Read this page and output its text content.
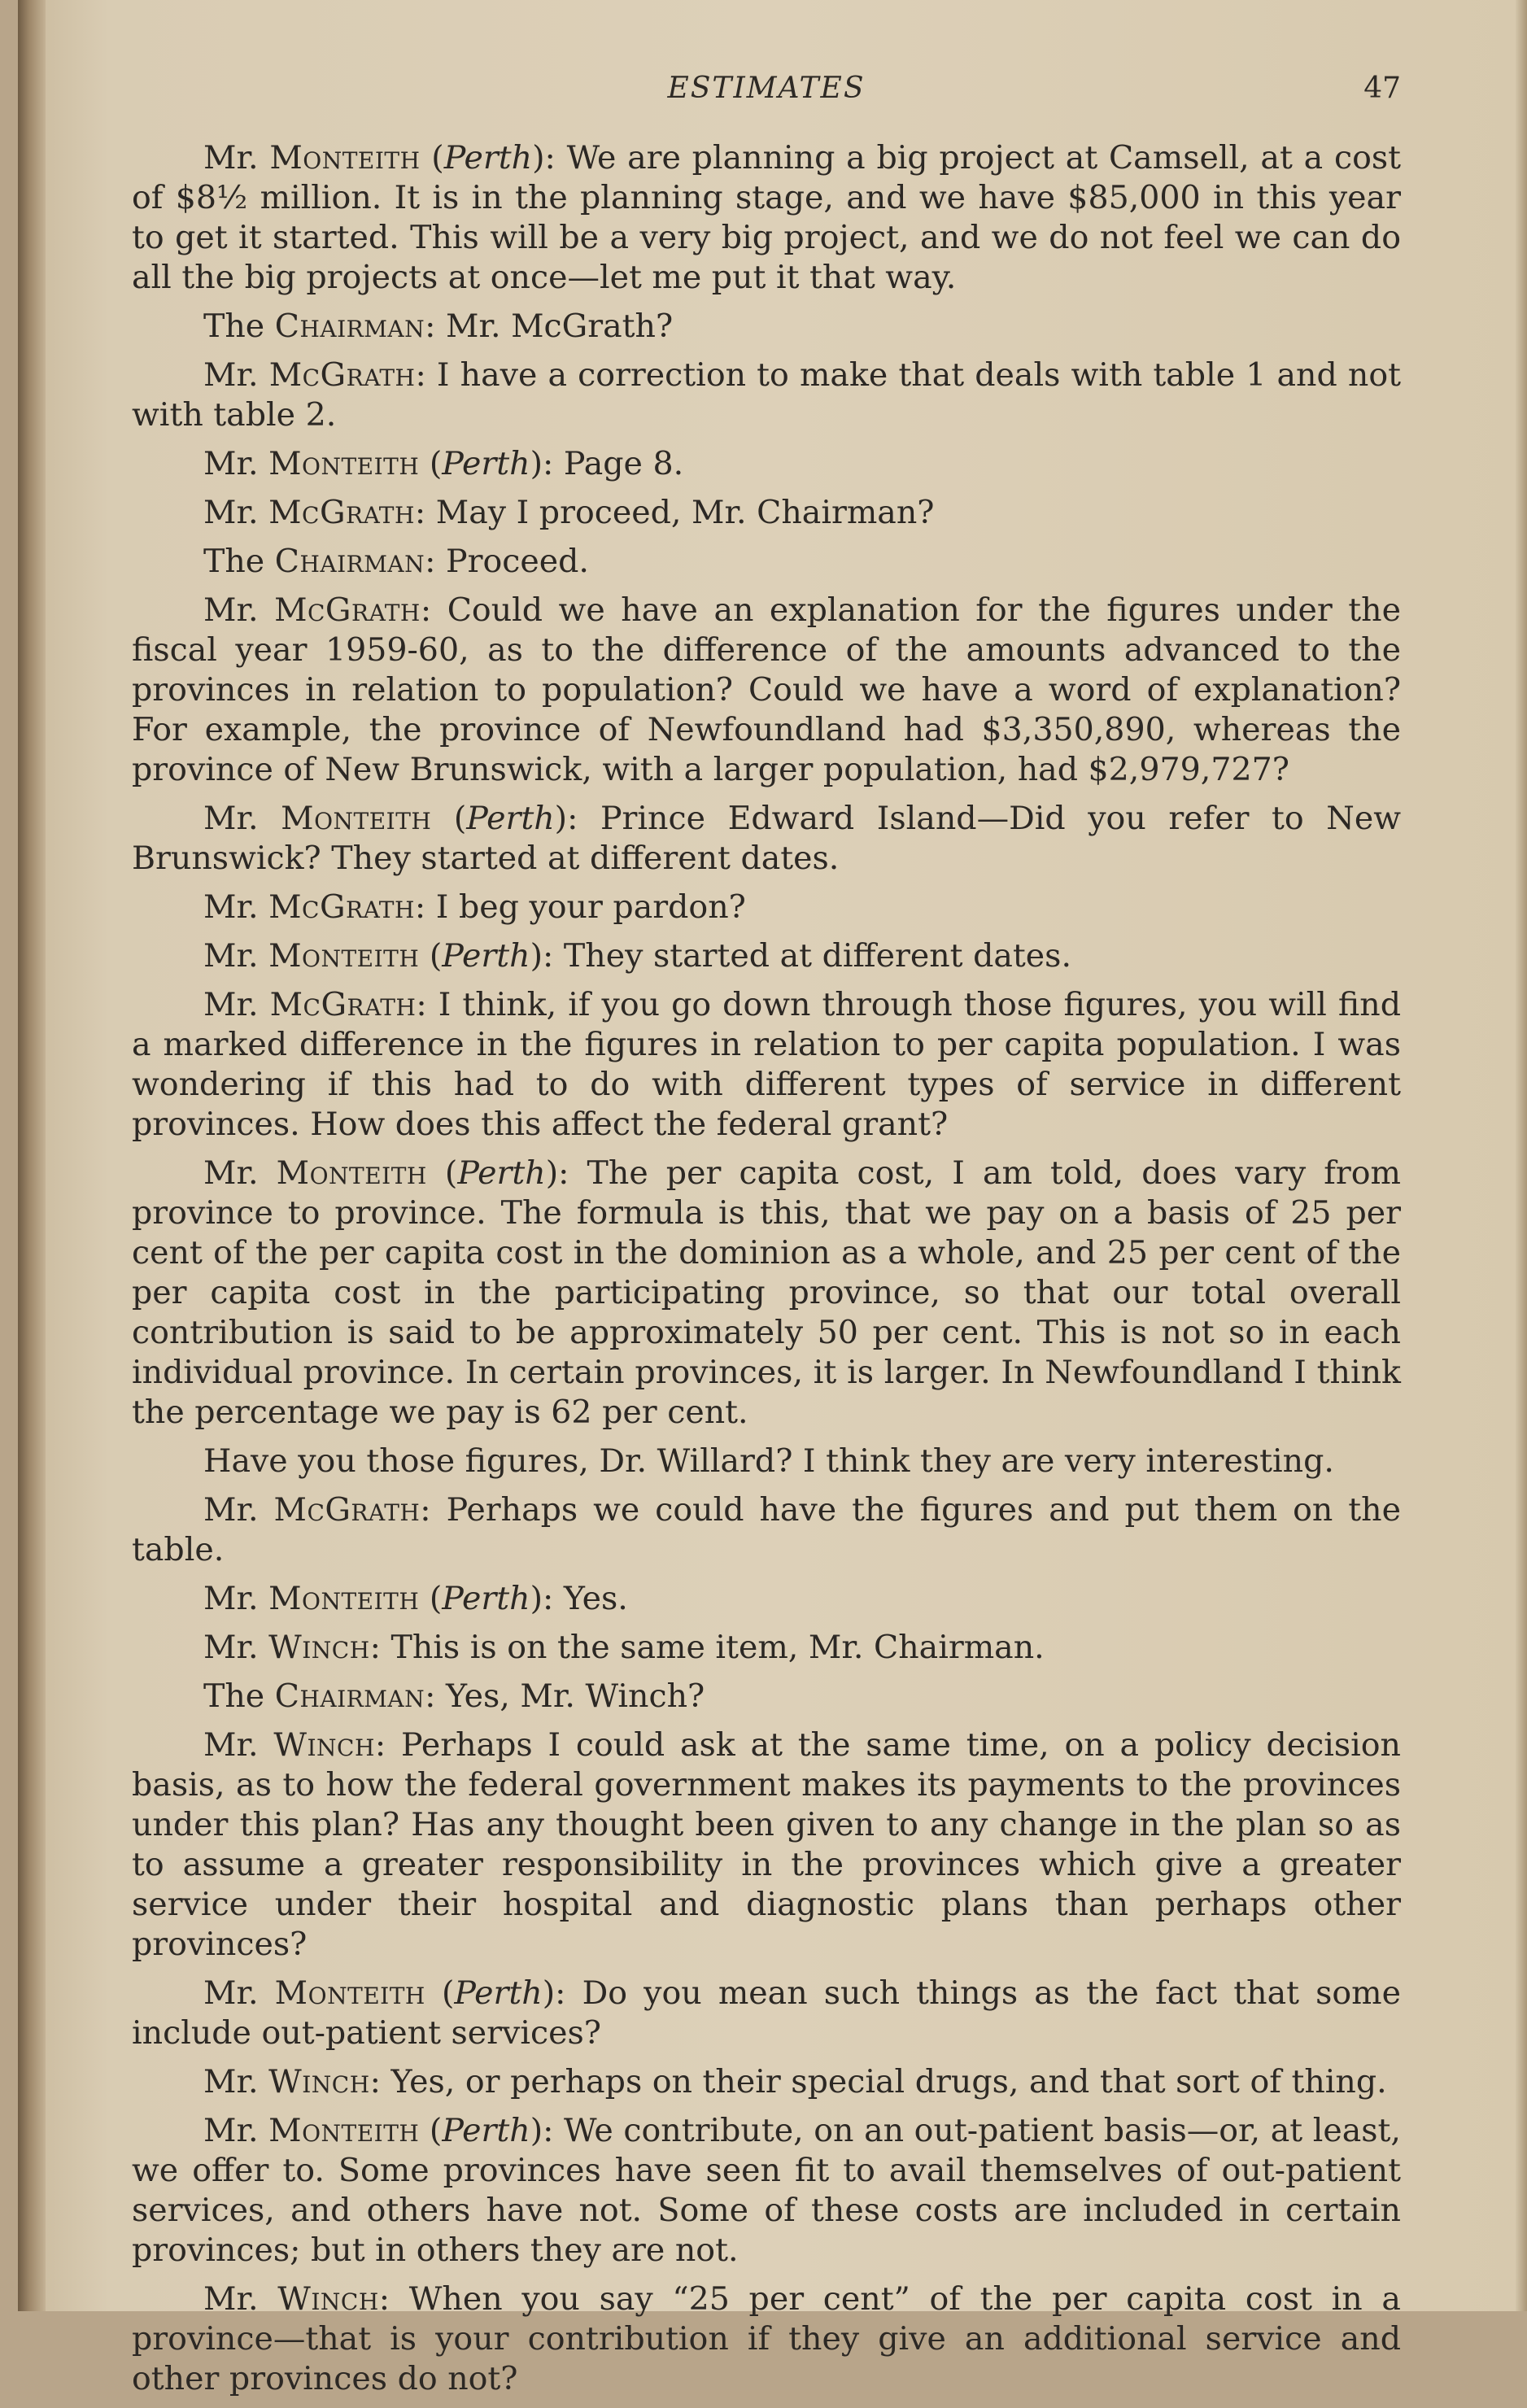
ESTIMATES	47

Mr. Monteith (Perth): We are planning a big project at Camsell, at a cost of $8½ million. It is in the planning stage, and we have $85,000 in this year to get it started. This will be a very big project, and we do not feel we can do all the big projects at once—let me put it that way.

The Chairman: Mr. McGrath?

Mr. McGrath: I have a correction to make that deals with table 1 and not with table 2.

Mr. Monteith (Perth): Page 8.

Mr. McGrath: May I proceed, Mr. Chairman?

The Chairman: Proceed.

Mr. McGrath: Could we have an explanation for the figures under the fiscal year 1959-60, as to the difference of the amounts advanced to the provinces in relation to population? Could we have a word of explanation? For example, the province of Newfoundland had $3,350,890, whereas the province of New Brunswick, with a larger population, had $2,979,727?

Mr. Monteith (Perth): Prince Edward Island—Did you refer to New Brunswick? They started at different dates.

Mr. McGrath: I beg your pardon?

Mr. Monteith (Perth): They started at different dates.

Mr. McGrath: I think, if you go down through those figures, you will find a marked difference in the figures in relation to per capita population. I was wondering if this had to do with different types of service in different provinces. How does this affect the federal grant?

Mr. Monteith (Perth): The per capita cost, I am told, does vary from province to province. The formula is this, that we pay on a basis of 25 per cent of the per capita cost in the dominion as a whole, and 25 per cent of the per capita cost in the participating province, so that our total overall contribution is said to be approximately 50 per cent. This is not so in each individual province. In certain provinces, it is larger. In Newfoundland I think the percentage we pay is 62 per cent.

Have you those figures, Dr. Willard? I think they are very interesting.

Mr. McGrath: Perhaps we could have the figures and put them on the table.

Mr. Monteith (Perth): Yes.

Mr. Winch: This is on the same item, Mr. Chairman.

The Chairman: Yes, Mr. Winch?

Mr. Winch: Perhaps I could ask at the same time, on a policy decision basis, as to how the federal government makes its payments to the provinces under this plan? Has any thought been given to any change in the plan so as to assume a greater responsibility in the provinces which give a greater service under their hospital and diagnostic plans than perhaps other provinces?

Mr. Monteith (Perth): Do you mean such things as the fact that some include out-patient services?

Mr. Winch: Yes, or perhaps on their special drugs, and that sort of thing.

Mr. Monteith (Perth): We contribute, on an out-patient basis—or, at least, we offer to. Some provinces have seen fit to avail themselves of out-patient services, and others have not. Some of these costs are included in certain provinces; but in others they are not.

Mr. Winch: When you say “25 per cent” of the per capita cost in a province—that is your contribution if they give an additional service and other provinces do not?
